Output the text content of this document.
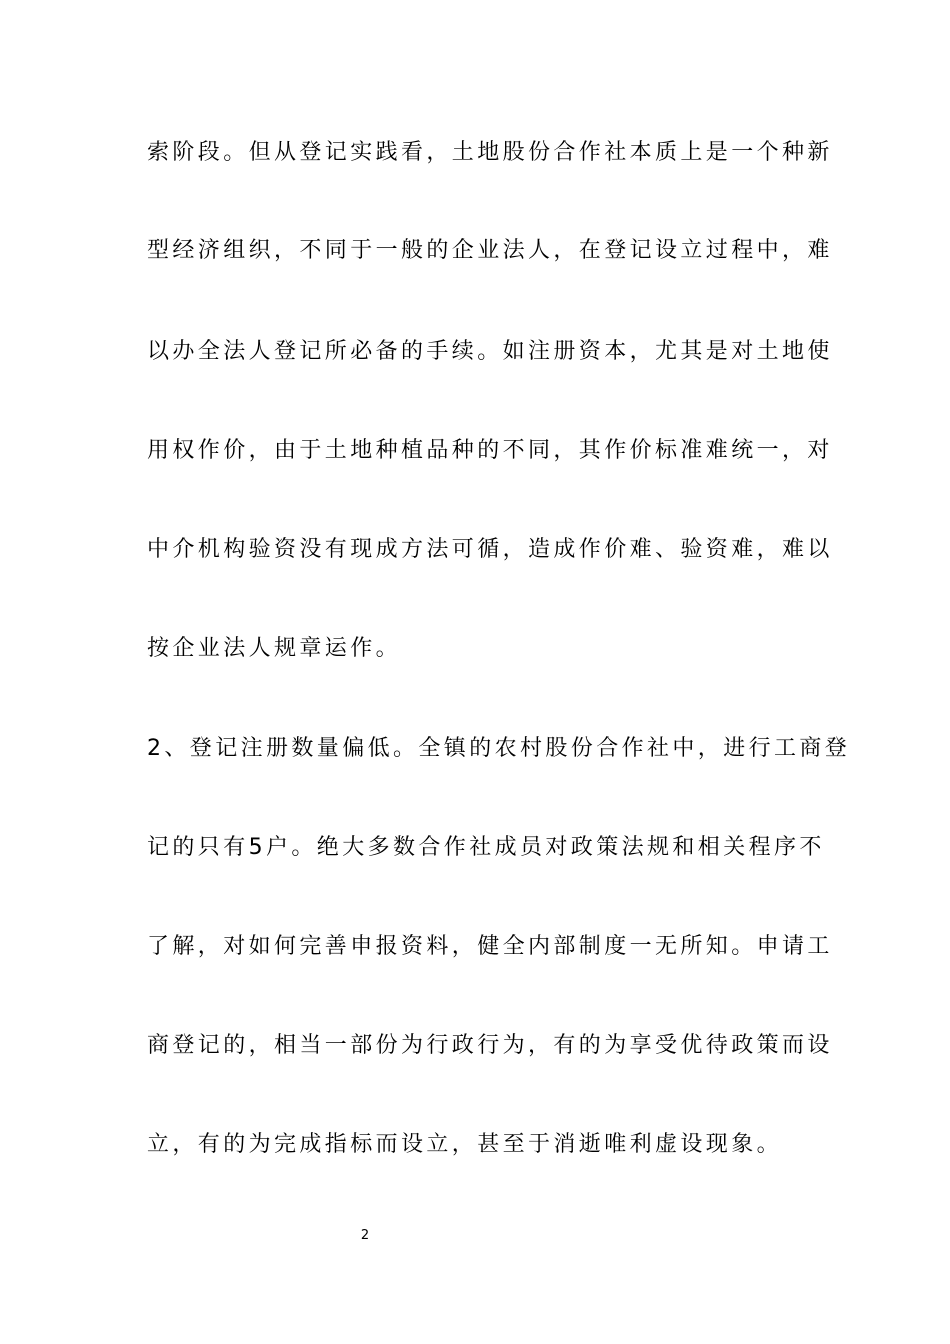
索阶段。但从登记实践看，土地股份合作社本质上是一个种新
型经济组织，不同于一般的企业法人，在登记设立过程中，难
以办全法人登记所必备的手续。如注册资本，尤其是对土地使
用权作价，由于土地种植品种的不同，其作价标准难统一，对
中介机构验资没有现成方法可循，造成作价难、验资难，难以
按企业法人规章运作。
2、登记注册数量偏低。全镇的农村股份合作社中，进行工商登
记的只有5户。绝大多数合作社成员对政策法规和相关程序不
了解，对如何完善申报资料，健全内部制度一无所知。申请工
商登记的，相当一部份为行政行为，有的为享受优待政策而设
立，有的为完成指标而设立，甚至于消逝唯利虚设现象。
2
